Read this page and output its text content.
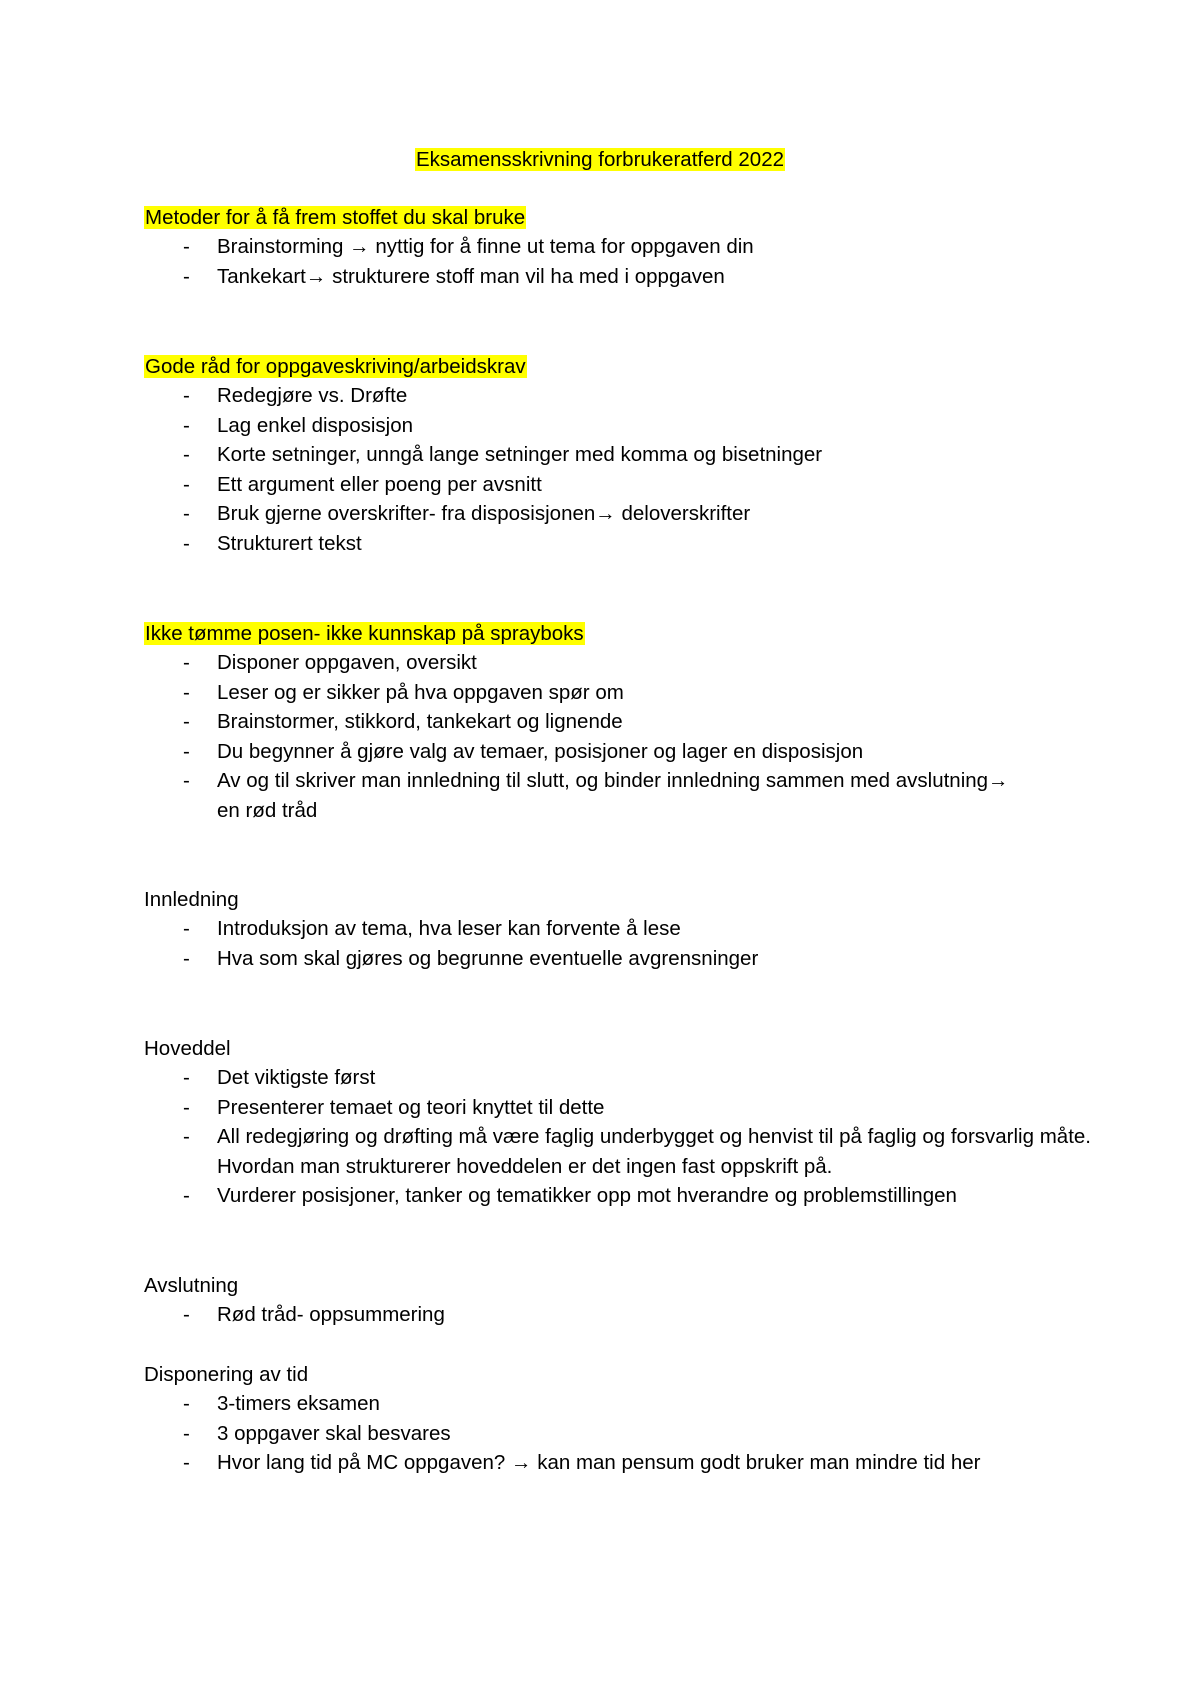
Eksamensskrivning forbrukeratferd 2022
Metoder for å få frem stoffet du skal bruke
- Brainstorming → nyttig for å finne ut tema for oppgaven din
- Tankekart→ strukturere stoff man vil ha med i oppgaven
Gode råd for oppgaveskriving/arbeidskrav
- Redegjøre vs. Drøfte
- Lag enkel disposisjon
- Korte setninger, unngå lange setninger med komma og bisetninger
- Ett argument eller poeng per avsnitt
- Bruk gjerne overskrifter- fra disposisjonen→ deloverskrifter
- Strukturert tekst
Ikke tømme posen- ikke kunnskap på sprayboks
- Disponer oppgaven, oversikt
- Leser og er sikker på hva oppgaven spør om
- Brainstormer, stikkord, tankekart og lignende
- Du begynner å gjøre valg av temaer, posisjoner og lager en disposisjon
- Av og til skriver man innledning til slutt, og binder innledning sammen med avslutning→ en rød tråd
Innledning
- Introduksjon av tema, hva leser kan forvente å lese
- Hva som skal gjøres og begrunne eventuelle avgrensninger
Hoveddel
- Det viktigste først
- Presenterer temaet og teori knyttet til dette
- All redegjøring og drøfting må være faglig underbygget og henvist til på faglig og forsvarlig måte. Hvordan man strukturerer hoveddelen er det ingen fast oppskrift på.
- Vurderer posisjoner, tanker og tematikker opp mot hverandre og problemstillingen
Avslutning
- Rød tråd- oppsummering
Disponering av tid
- 3-timers eksamen
- 3 oppgaver skal besvares
- Hvor lang tid på MC oppgaven? → kan man pensum godt bruker man mindre tid her
